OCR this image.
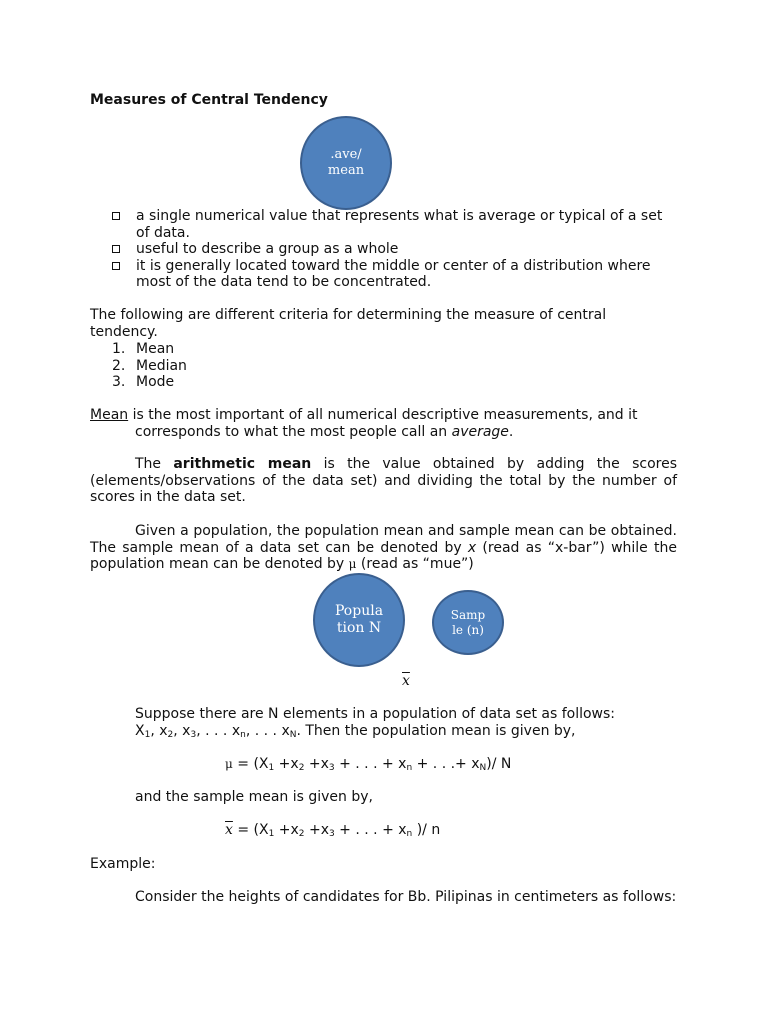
Measures of Central Tendency
.ave/
mean
a single numerical value that represents what is average or typical of a set of data.
useful to describe a group as a whole
it is generally located toward the middle or center of a distribution where most of the data tend to be concentrated.
The following are different criteria for determining the measure of central tendency.
1. Mean
2. Median
3. Mode
Mean is the most important of all numerical descriptive measurements, and it corresponds to what the most people call an average.
The arithmetic mean is the value obtained by adding the scores (elements/observations of the data set) and dividing the total by the number of scores in the data set.
Given a population, the population mean and sample mean can be obtained. The sample mean of a data set can be denoted by x (read as “x-bar”) while the population mean can be denoted by μ (read as “mue”)
Popula
tion N
Samp
le (n)
$\overline{x}$
Suppose there are N elements in a population of data set as follows:
$X_1$, $x_2$, $x_3$, . . . $x_n$, . . . $x_N$. Then the population mean is given by,
$\mu = (X_1 +x_2 +x_3$ + . . . + $x_n$ + . . .+ $x_N)/$ N
and the sample mean is given by,
$\overline{x} = (X_1 +x_2 +x_3$ + . . . + $x_n$ )/ n
Example:
Consider the heights of candidates for Bb. Pilipinas in centimeters as follows:
